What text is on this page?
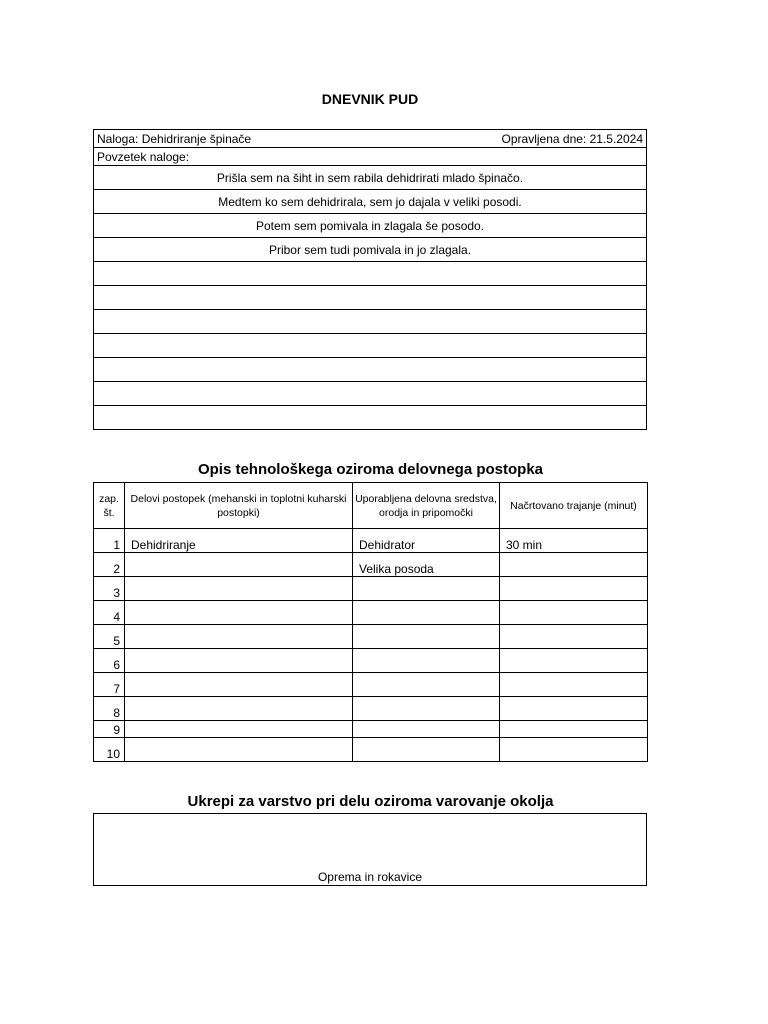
DNEVNIK PUD
Naloga: Dehidriranje špinače	Opravljena dne: 21.5.2024

Povzetek naloge:
Prišla sem na šiht in sem rabila dehidrirati mlado špinačo.
Medtem ko sem dehidrirala, sem jo dajala v veliki posodi.
Potem sem pomivala in zlagala še posodo.
Pribor sem tudi pomivala in jo zlagala.

Opis tehnološkega oziroma delovnega postopka
zap. št.	Delovi postopek (mehanski in toplotni kuharski postopki)	Uporabljena delovna sredstva, orodja in pripomočki	Načrtovano trajanje (minut)
1	Dehidriranje	Dehidrator	30 min
2		Velika posoda	
3			
4			
5			
6			
7			
8			
9			
10			
Ukrepi za varstvo pri delu oziroma varovanje okolja
Oprema in rokavice
